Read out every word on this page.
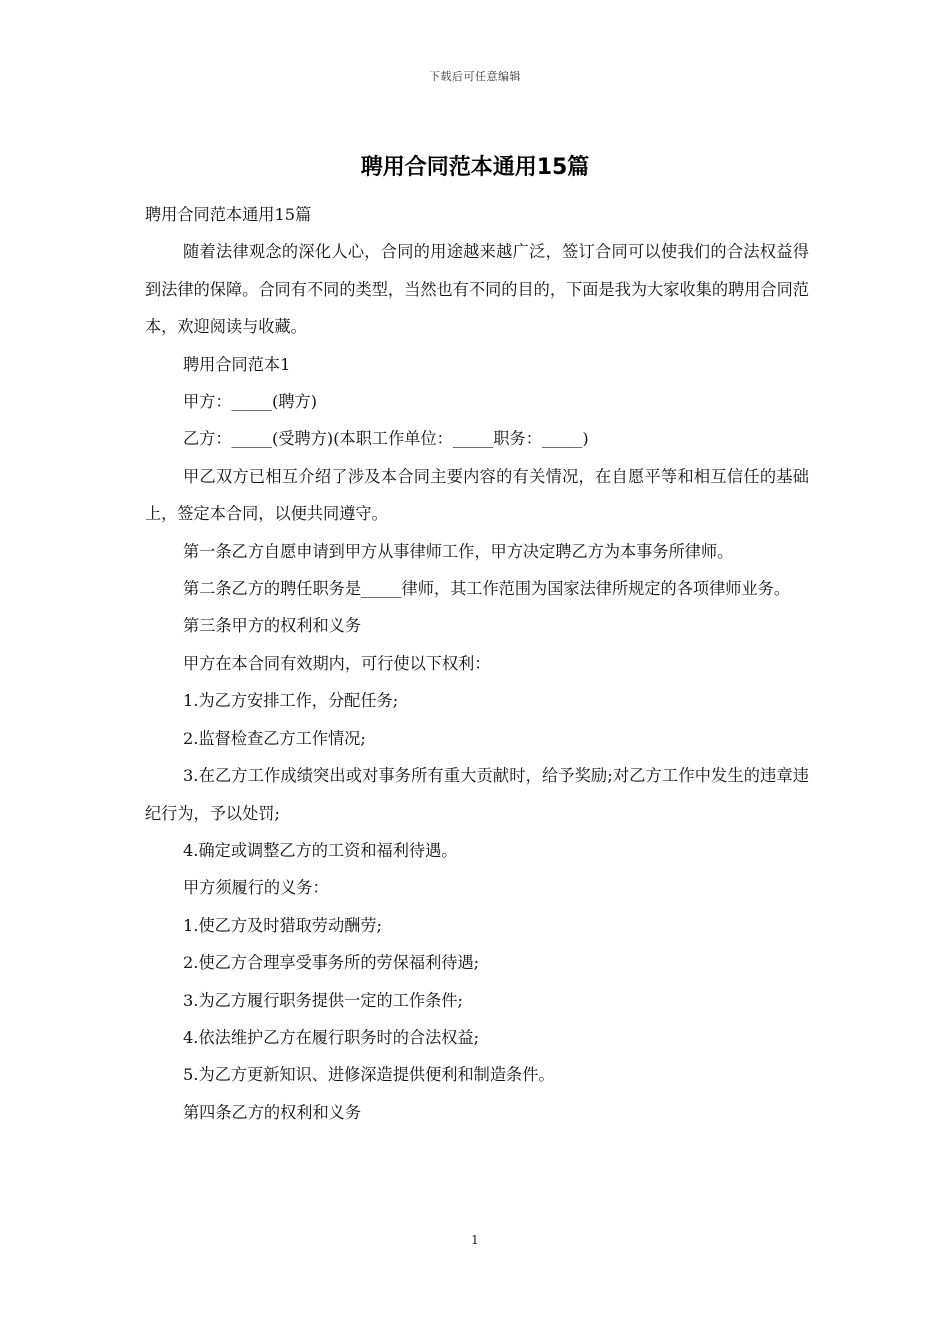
下载后可任意编辑
聘用合同范本通用15篇

聘用合同范本通用15篇

随着法律观念的深化人心，合同的用途越来越广泛，签订合同可以使我们的合法权益得到法律的保障。合同有不同的类型，当然也有不同的目的，下面是我为大家收集的聘用合同范本，欢迎阅读与收藏。

聘用合同范本1

甲方：_____(聘方)

乙方：_____(受聘方)(本职工作单位：_____职务：_____)

甲乙双方已相互介绍了涉及本合同主要内容的有关情况，在自愿平等和相互信任的基础上，签定本合同，以便共同遵守。

第一条乙方自愿申请到甲方从事律师工作，甲方决定聘乙方为本事务所律师。

第二条乙方的聘任职务是_____律师，其工作范围为国家法律所规定的各项律师业务。

第三条甲方的权利和义务

甲方在本合同有效期内，可行使以下权利：

1.为乙方安排工作，分配任务;

2.监督检查乙方工作情况;

3.在乙方工作成绩突出或对事务所有重大贡献时，给予奖励;对乙方工作中发生的违章违纪行为，予以处罚;

4.确定或调整乙方的工资和福利待遇。

甲方须履行的义务：

1.使乙方及时猎取劳动酬劳;

2.使乙方合理享受事务所的劳保福利待遇;

3.为乙方履行职务提供一定的工作条件;

4.依法维护乙方在履行职务时的合法权益;

5.为乙方更新知识、进修深造提供便利和制造条件。

第四条乙方的权利和义务

1
